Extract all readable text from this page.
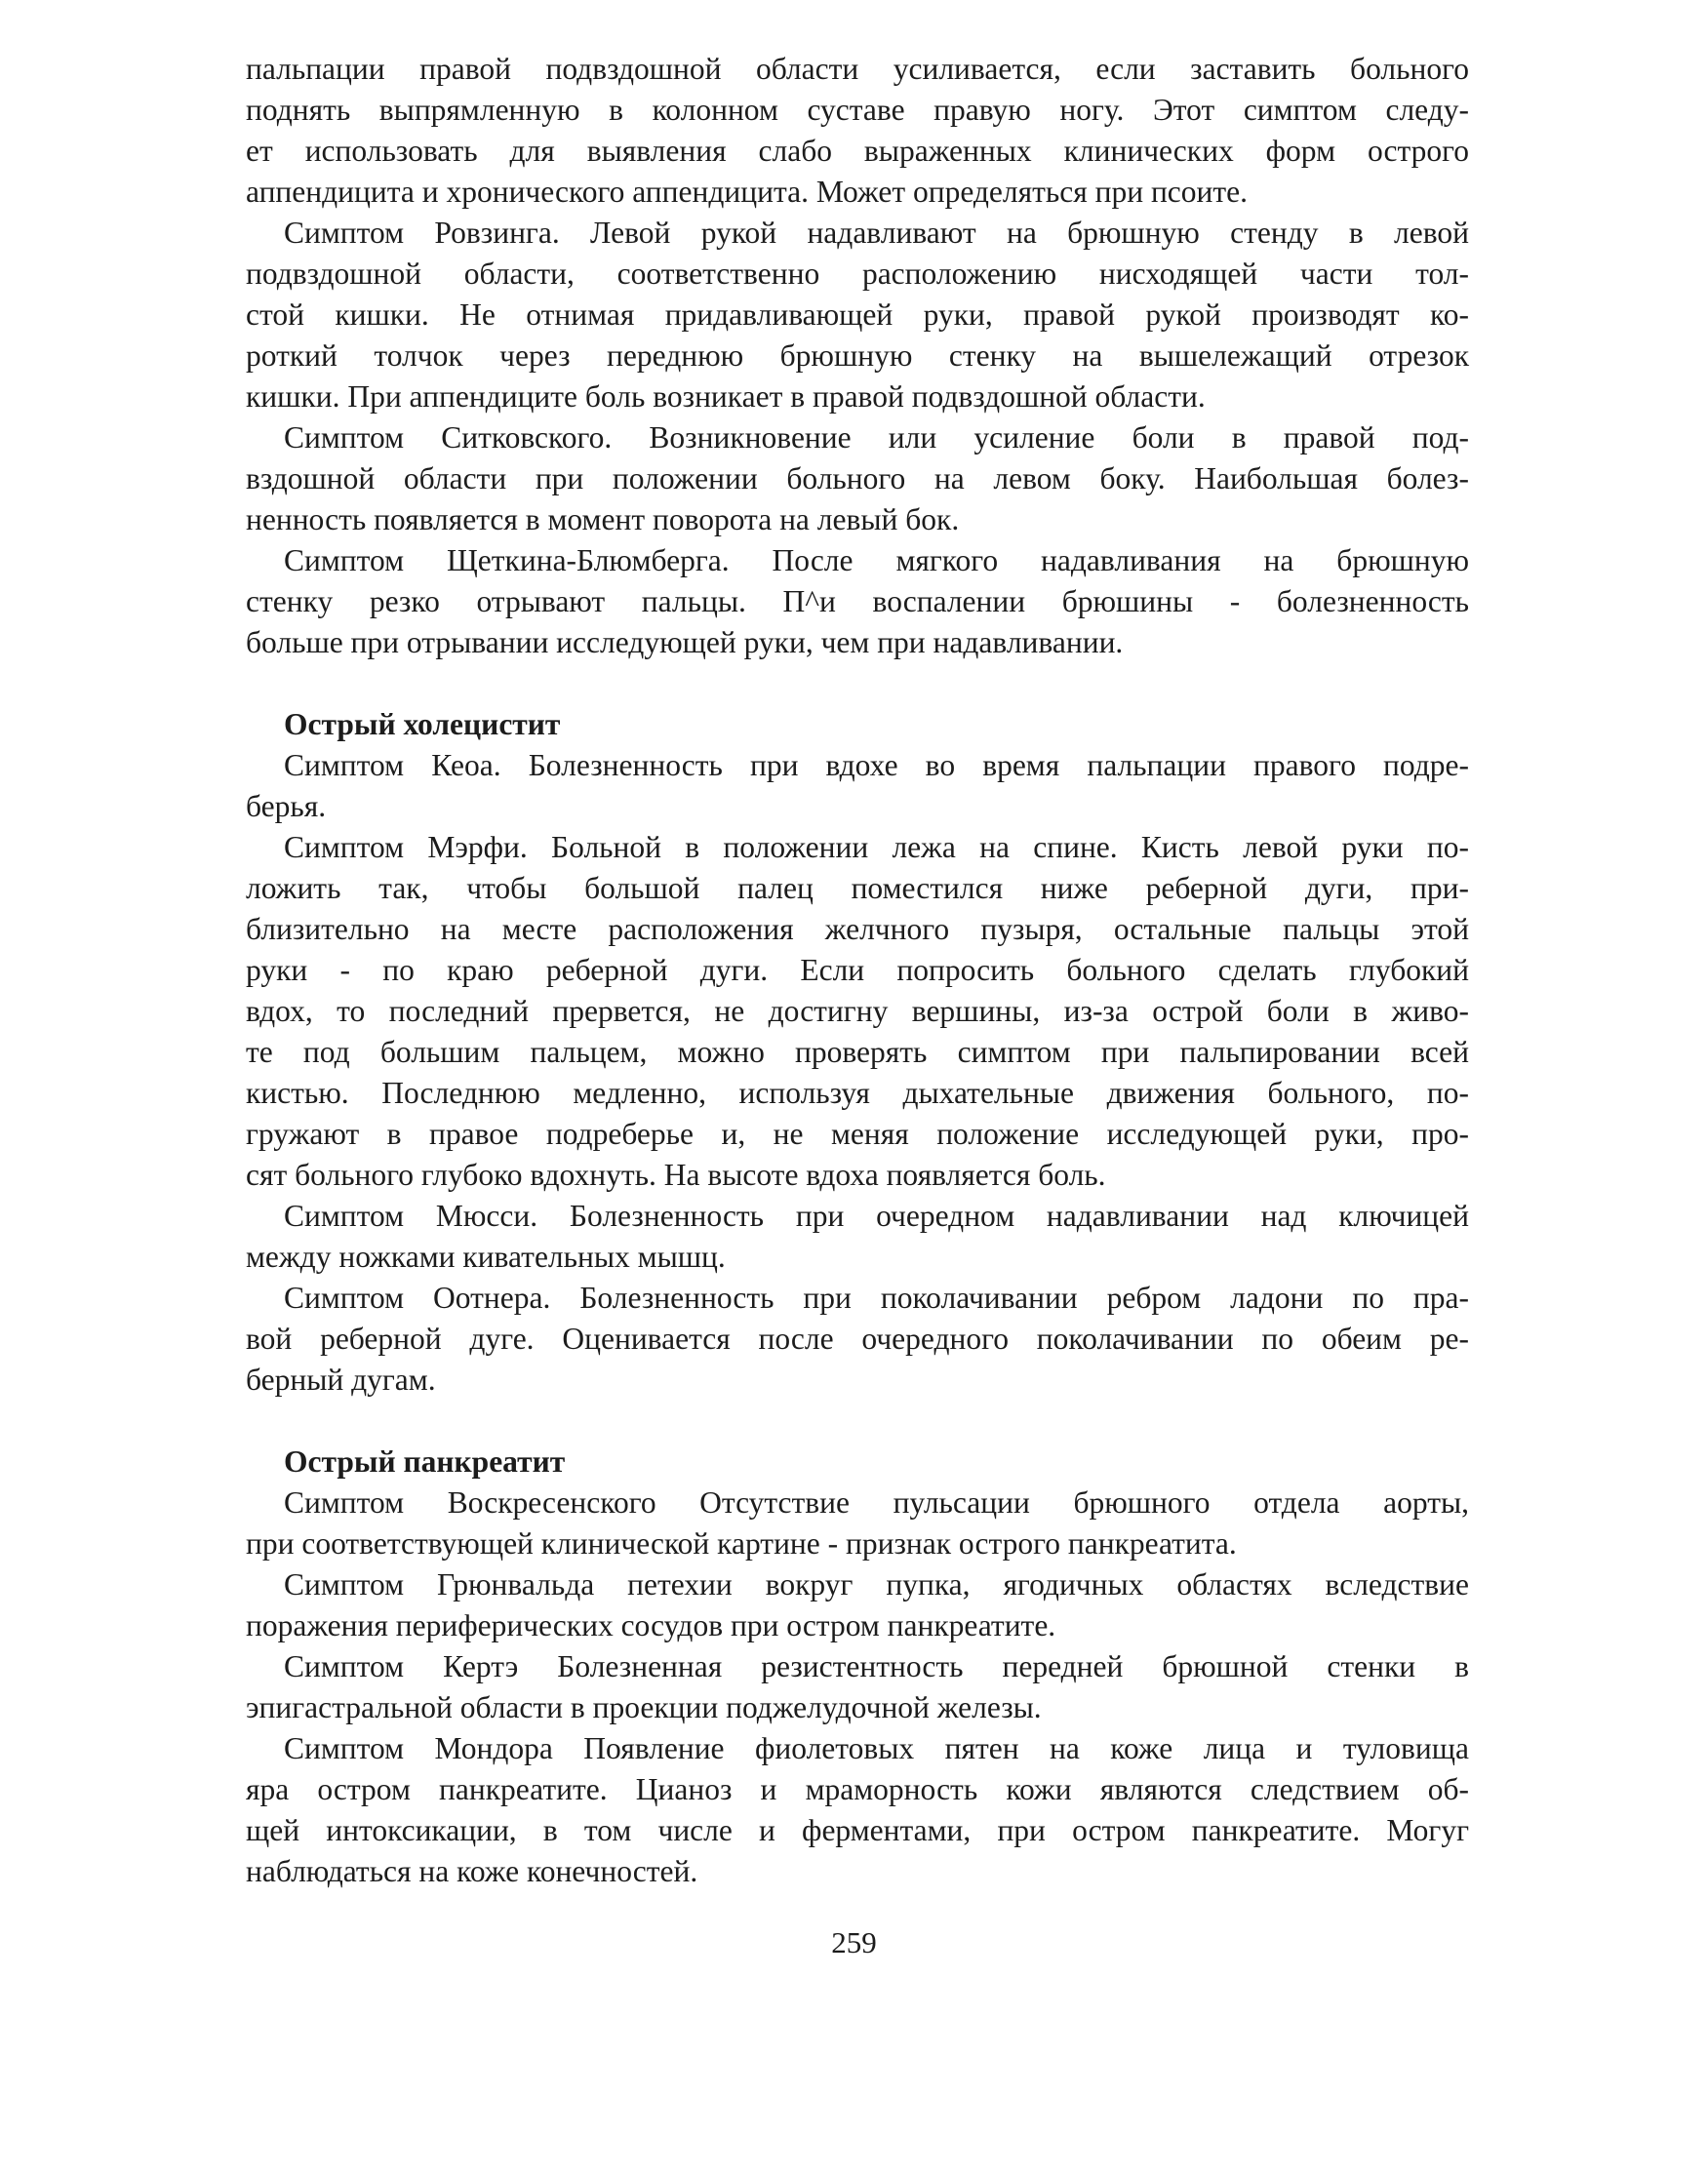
пальпации правой подвздошной области усиливается, если заставить больного
поднять выпрямленную в колонном суставе правую ногу. Этот симптом следу-
ет использовать для выявления слабо выраженных клинических форм острого
аппендицита и хронического аппендицита. Может определяться при псоите.
Симптом Ровзинга. Левой рукой надавливают на брюшную стенду в левой
подвздошной области, соответственно расположению нисходящей части тол-
стой кишки. Не отнимая придавливающей руки, правой рукой производят ко-
роткий толчок через переднюю брюшную стенку на вышележащий отрезок
кишки. При аппендиците боль возникает в правой подвздошной области.
Симптом Ситковского. Возникновение или усиление боли в правой под-
вздошной области при положении больного на левом боку. Наибольшая болез-
ненность появляется в момент поворота на левый бок.
Симптом Щеткина-Блюмберга. После мягкого надавливания на брюшную
стенку резко отрывают пальцы. П^и воспалении брюшины - болезненность
больше при отрывании исследующей руки, чем при надавливании.
Острый холецистит
Симптом Кеоа. Болезненность при вдохе во время пальпации правого подре-
берья.
Симптом Мэрфи. Больной в положении лежа на спине. Кисть левой руки по-
ложить так, чтобы большой палец поместился ниже реберной дуги, при-
близительно на месте расположения желчного пузыря, остальные пальцы этой
руки - по краю реберной дуги. Если попросить больного сделать глубокий
вдох, то последний прервется, не достигну вершины, из-за острой боли в живо-
те под большим пальцем, можно проверять симптом при пальпировании всей
кистью. Последнюю медленно, используя дыхательные движения больного, по-
гружают в правое подреберье и, не меняя положение исследующей руки, про-
сят больного глубоко вдохнуть. На высоте вдоха появляется боль.
Симптом Мюсси. Болезненность при очередном надавливании над ключицей
между ножками кивательных мышц.
Симптом Оотнера. Болезненность при поколачивании ребром ладони по пра-
вой реберной дуге. Оценивается после очередного поколачивании по обеим ре-
берный дугам.
Острый панкреатит
Симптом Воскресенского Отсутствие пульсации брюшного отдела аорты,
при соответствующей клинической картине - признак острого панкреатита.
Симптом Грюнвальда петехии вокруг пупка, ягодичных областях вследствие
поражения периферических сосудов при остром панкреатите.
Симптом Кертэ Болезненная резистентность передней брюшной стенки в
эпигастральной области в проекции поджелудочной железы.
Симптом Мондора Появление фиолетовых пятен на коже лица и туловища
яра остром панкреатите. Цианоз и мраморность кожи являются следствием об-
щей интоксикации, в том числе и ферментами, при остром панкреатите. Могуг
наблюдаться на коже конечностей.
259
